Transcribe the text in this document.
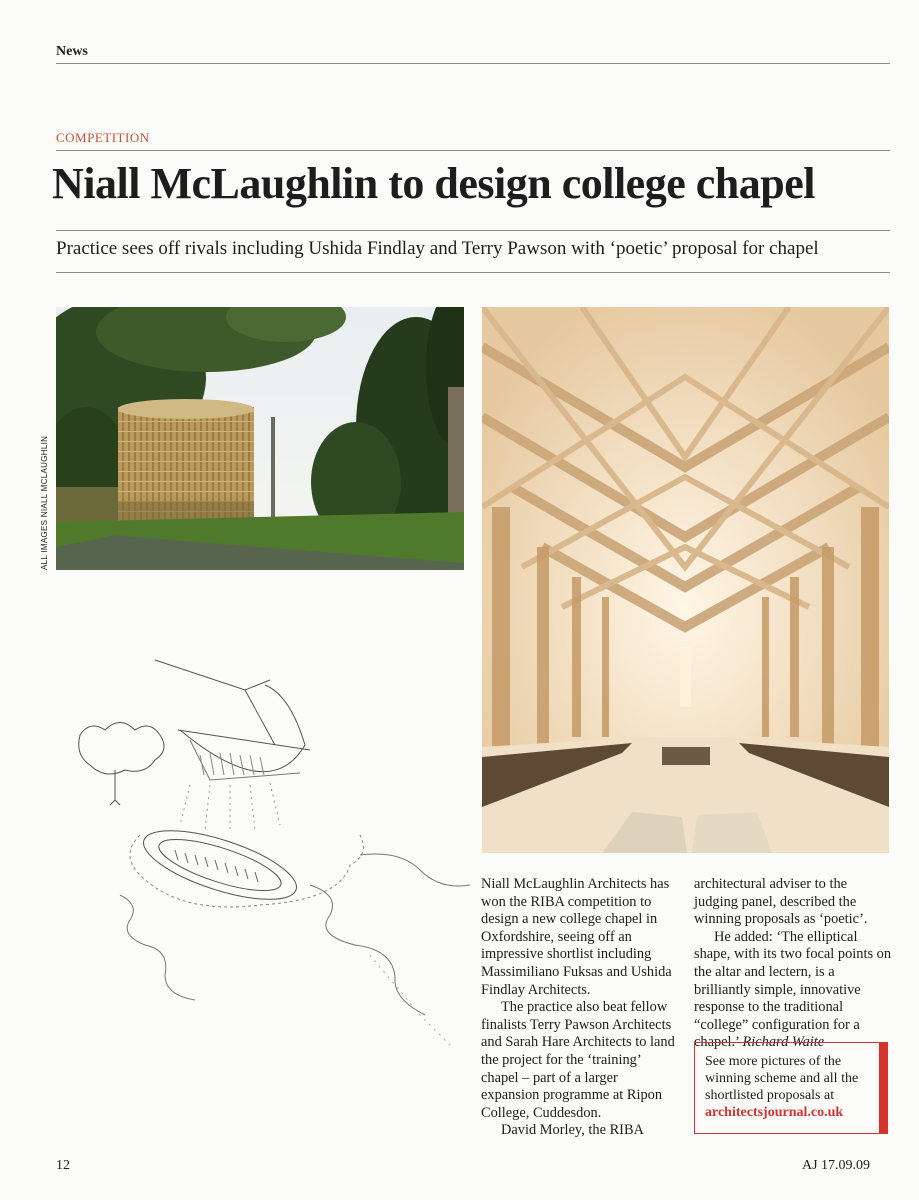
News
COMPETITION
Niall McLaughlin to design college chapel
Practice sees off rivals including Ushida Findlay and Terry Pawson with ‘poetic’ proposal for chapel
ALL IMAGES NIALL MCLAUGHLIN

Niall McLaughlin Architects has won the RIBA competition to design a new college chapel in Oxfordshire, seeing off an impressive shortlist including Massimiliano Fuksas and Ushida Findlay Architects.

The practice also beat fellow finalists Terry Pawson Architects and Sarah Hare Architects to land the project for the ‘training’ chapel – part of a larger expansion programme at Ripon College, Cuddesdon.

David Morley, the RIBA

architectural adviser to the judging panel, described the winning proposals as ‘poetic’.

He added: ‘The elliptical shape, with its two focal points on the altar and lectern, is a brilliantly simple, innovative response to the traditional “college” configuration for a chapel.’ Richard Waite

See more pictures of the winning scheme and all the shortlisted proposals at architectsjournal.co.uk
12	AJ 17.09.09
